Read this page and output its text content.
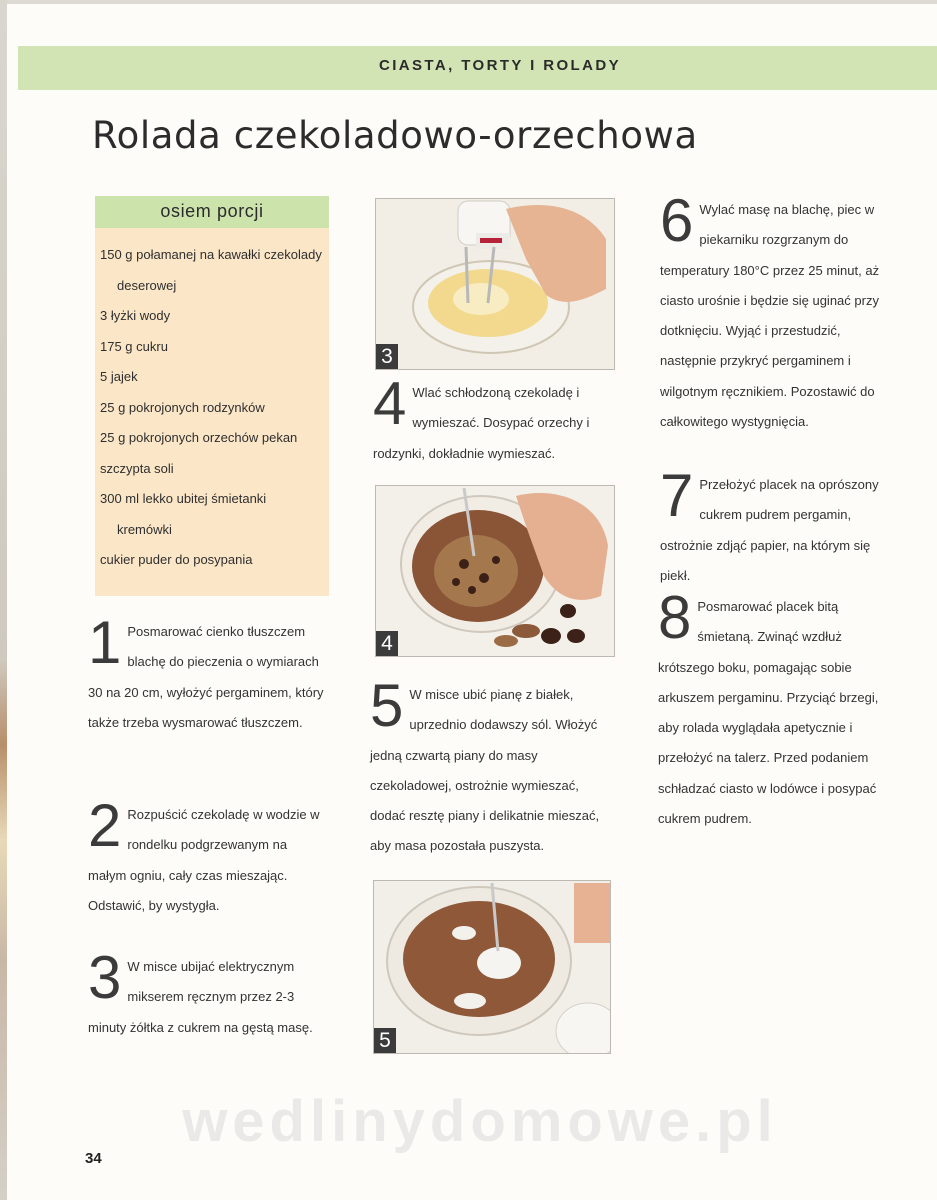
CIASTA, TORTY I ROLADY
Rolada czekoladowo-orzechowa
osiem porcji
150 g połamanej na kawałki czekolady
deserowej
3 łyżki wody
175 g cukru
5 jajek
25 g pokrojonych rodzynków
25 g pokrojonych orzechów pekan
szczypta soli
300 ml lekko ubitej śmietanki
kremówki
cukier puder do posypania
1 Posmarować cienko tłuszczem blachę do pieczenia o wymiarach 30 na 20 cm, wyłożyć pergaminem, który także trzeba wysmarować tłuszczem.
2 Rozpuścić czekoladę w wodzie w rondelku podgrzewanym na małym ogniu, cały czas mieszając. Odstawić, by wystygła.
3 W misce ubijać elektrycznym mikserem ręcznym przez 2-3 minuty żółtka z cukrem na gęstą masę.
3
4 Wlać schłodzoną czekoladę i wymieszać. Dosypać orzechy i rodzynki, dokładnie wymieszać.
4
5 W misce ubić pianę z białek, uprzednio dodawszy sól. Włożyć jedną czwartą piany do masy czekoladowej, ostrożnie wymieszać, dodać resztę piany i delikatnie mieszać, aby masa pozostała puszysta.
5
6 Wylać masę na blachę, piec w piekarniku rozgrzanym do temperatury 180°C przez 25 minut, aż ciasto urośnie i będzie się uginać przy dotknięciu. Wyjąć i przestudzić, następnie przykryć pergaminem i wilgotnym ręcznikiem. Pozostawić do całkowitego wystygnięcia.
7 Przełożyć placek na oprószony cukrem pudrem pergamin, ostrożnie zdjąć papier, na którym się piekł.
8 Posmarować placek bitą śmietaną. Zwinąć wzdłuż krótszego boku, pomagając sobie arkuszem pergaminu. Przyciąć brzegi, aby rolada wyglądała apetycznie i przełożyć na talerz. Przed podaniem schładzać ciasto w lodówce i posypać cukrem pudrem.
wedlinydomowe.pl
34
